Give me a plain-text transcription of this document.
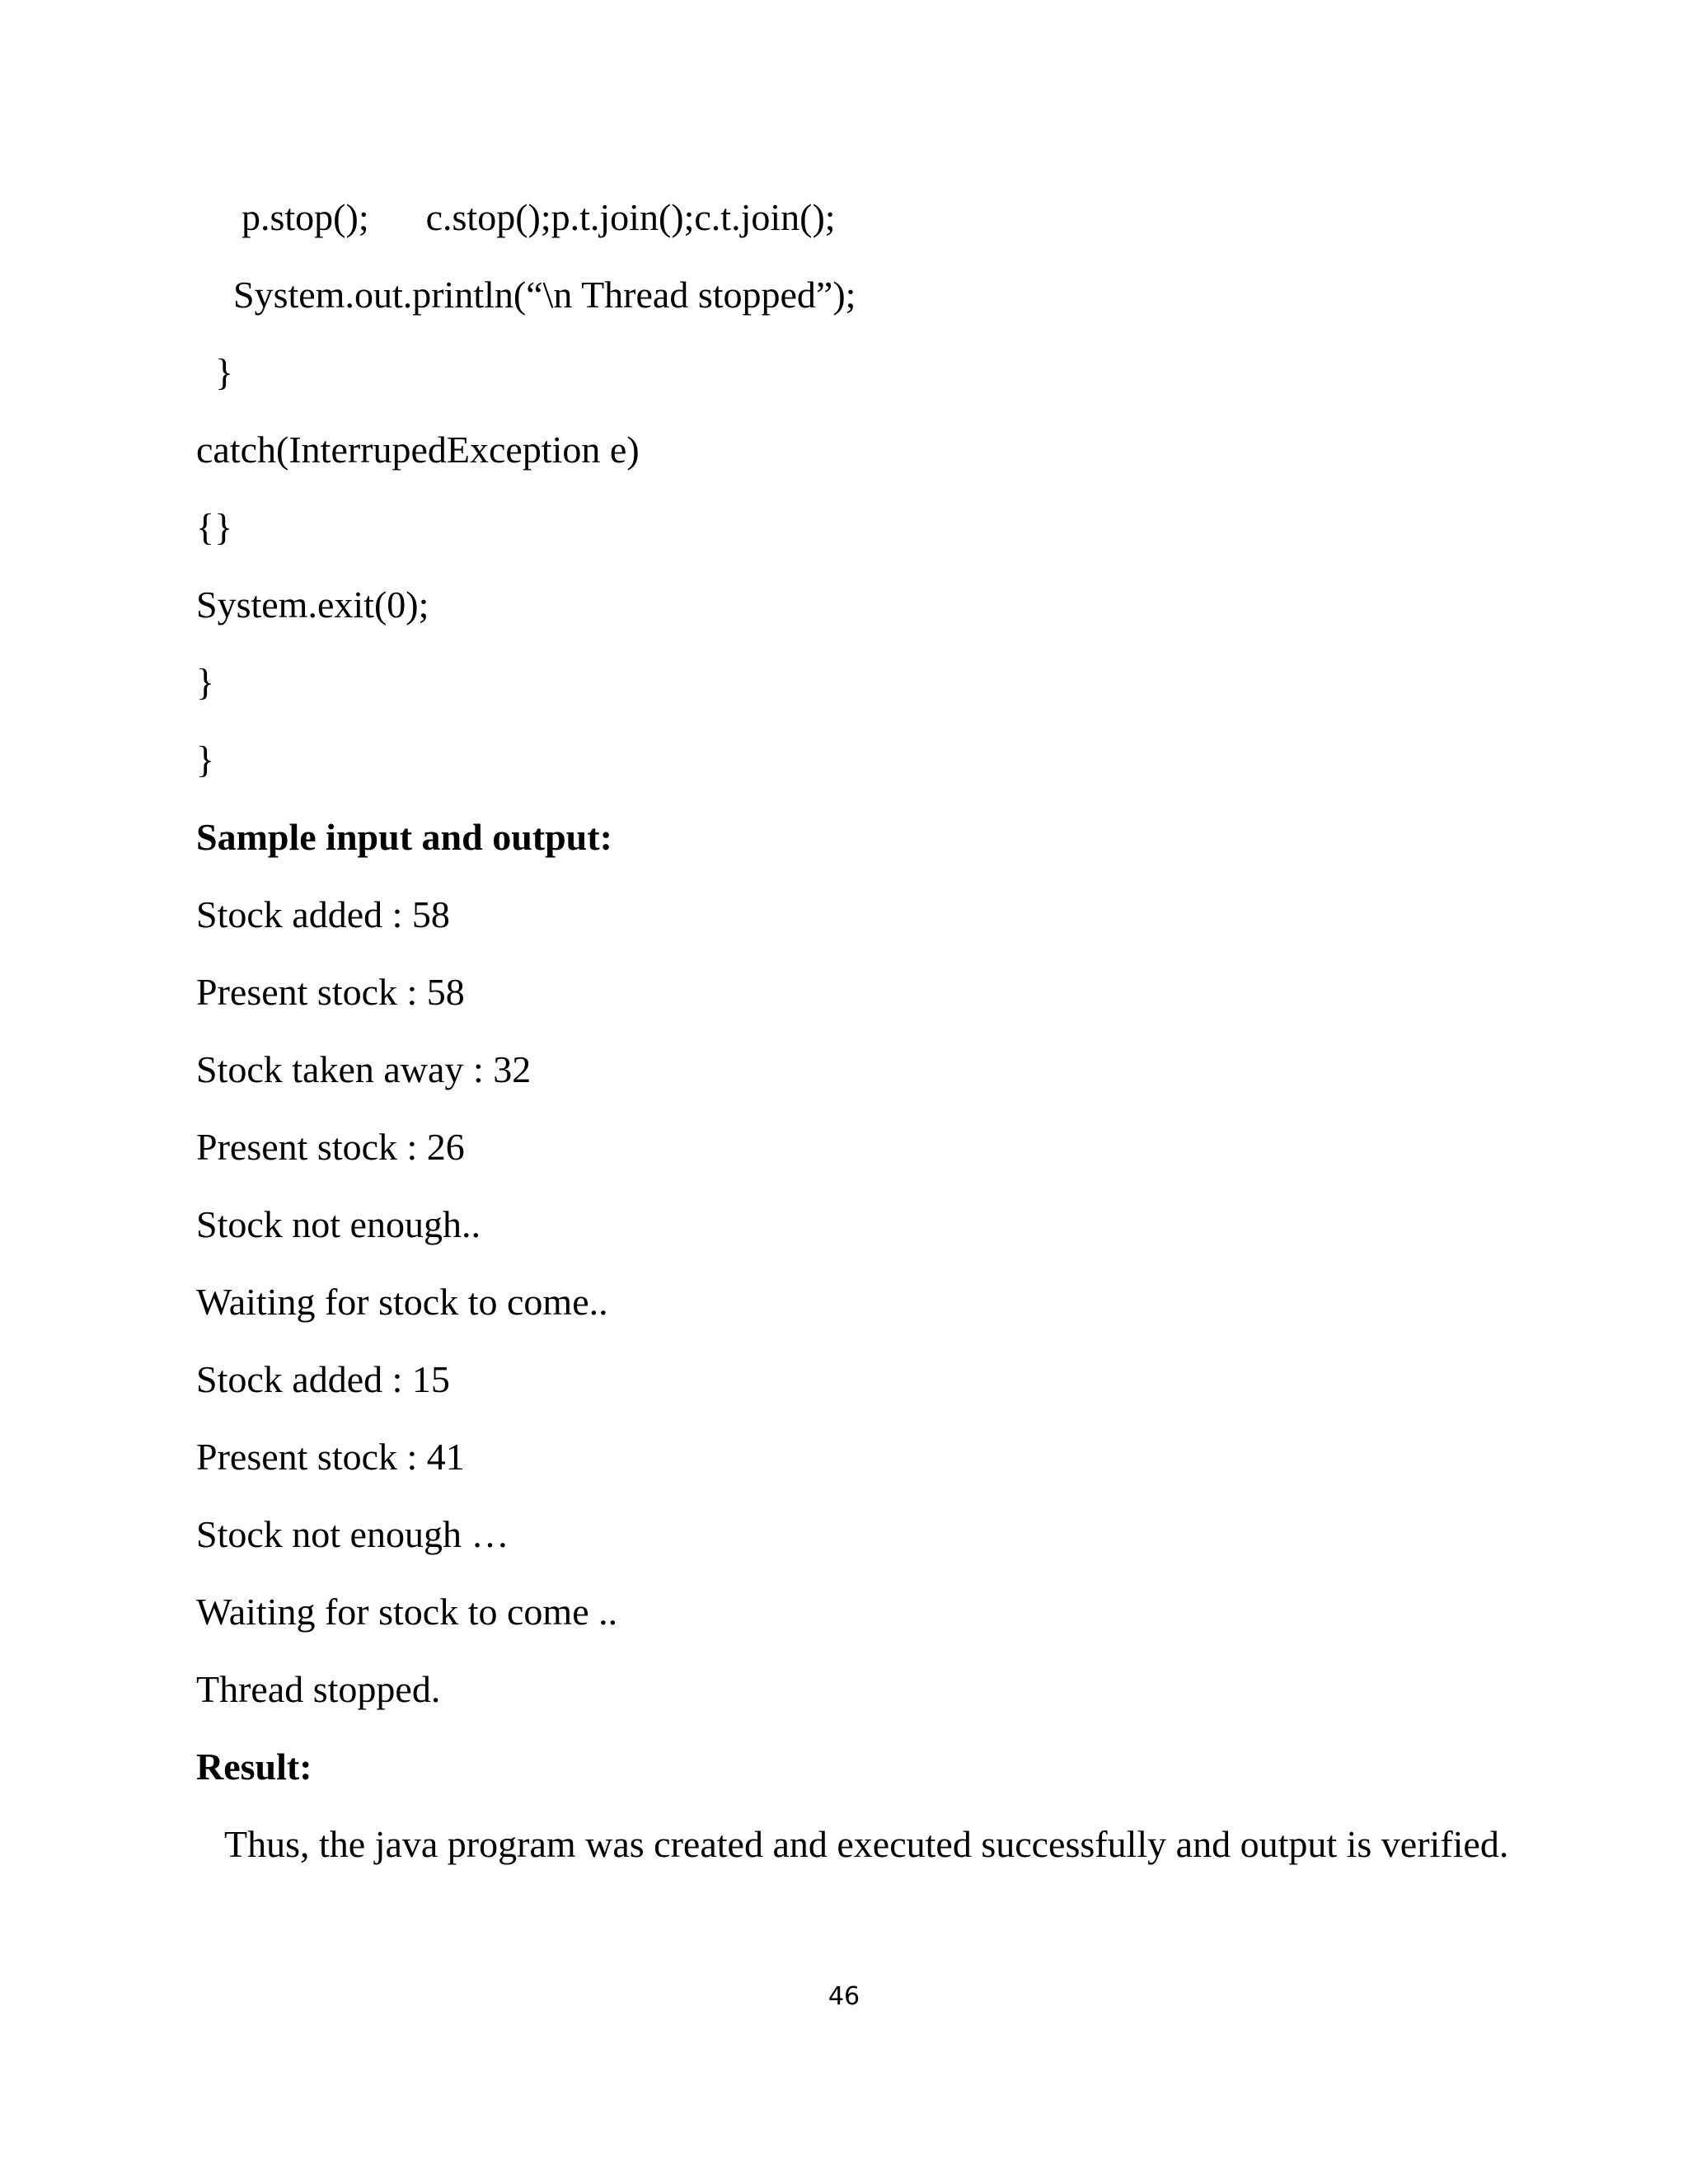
p.stop();      c.stop();p.t.join();c.t.join();
System.out.println(“\n Thread stopped”);
}
catch(InterrupedException e)
{}
System.exit(0);
}
}
Sample input and output:
Stock added : 58
Present stock : 58
Stock taken away : 32
Present stock : 26
Stock not enough..
Waiting for stock to come..
Stock added : 15
Present stock : 41
Stock not enough …
Waiting for stock to come ..
Thread stopped.
Result:
Thus, the java program was created and executed successfully and output is verified.
46
